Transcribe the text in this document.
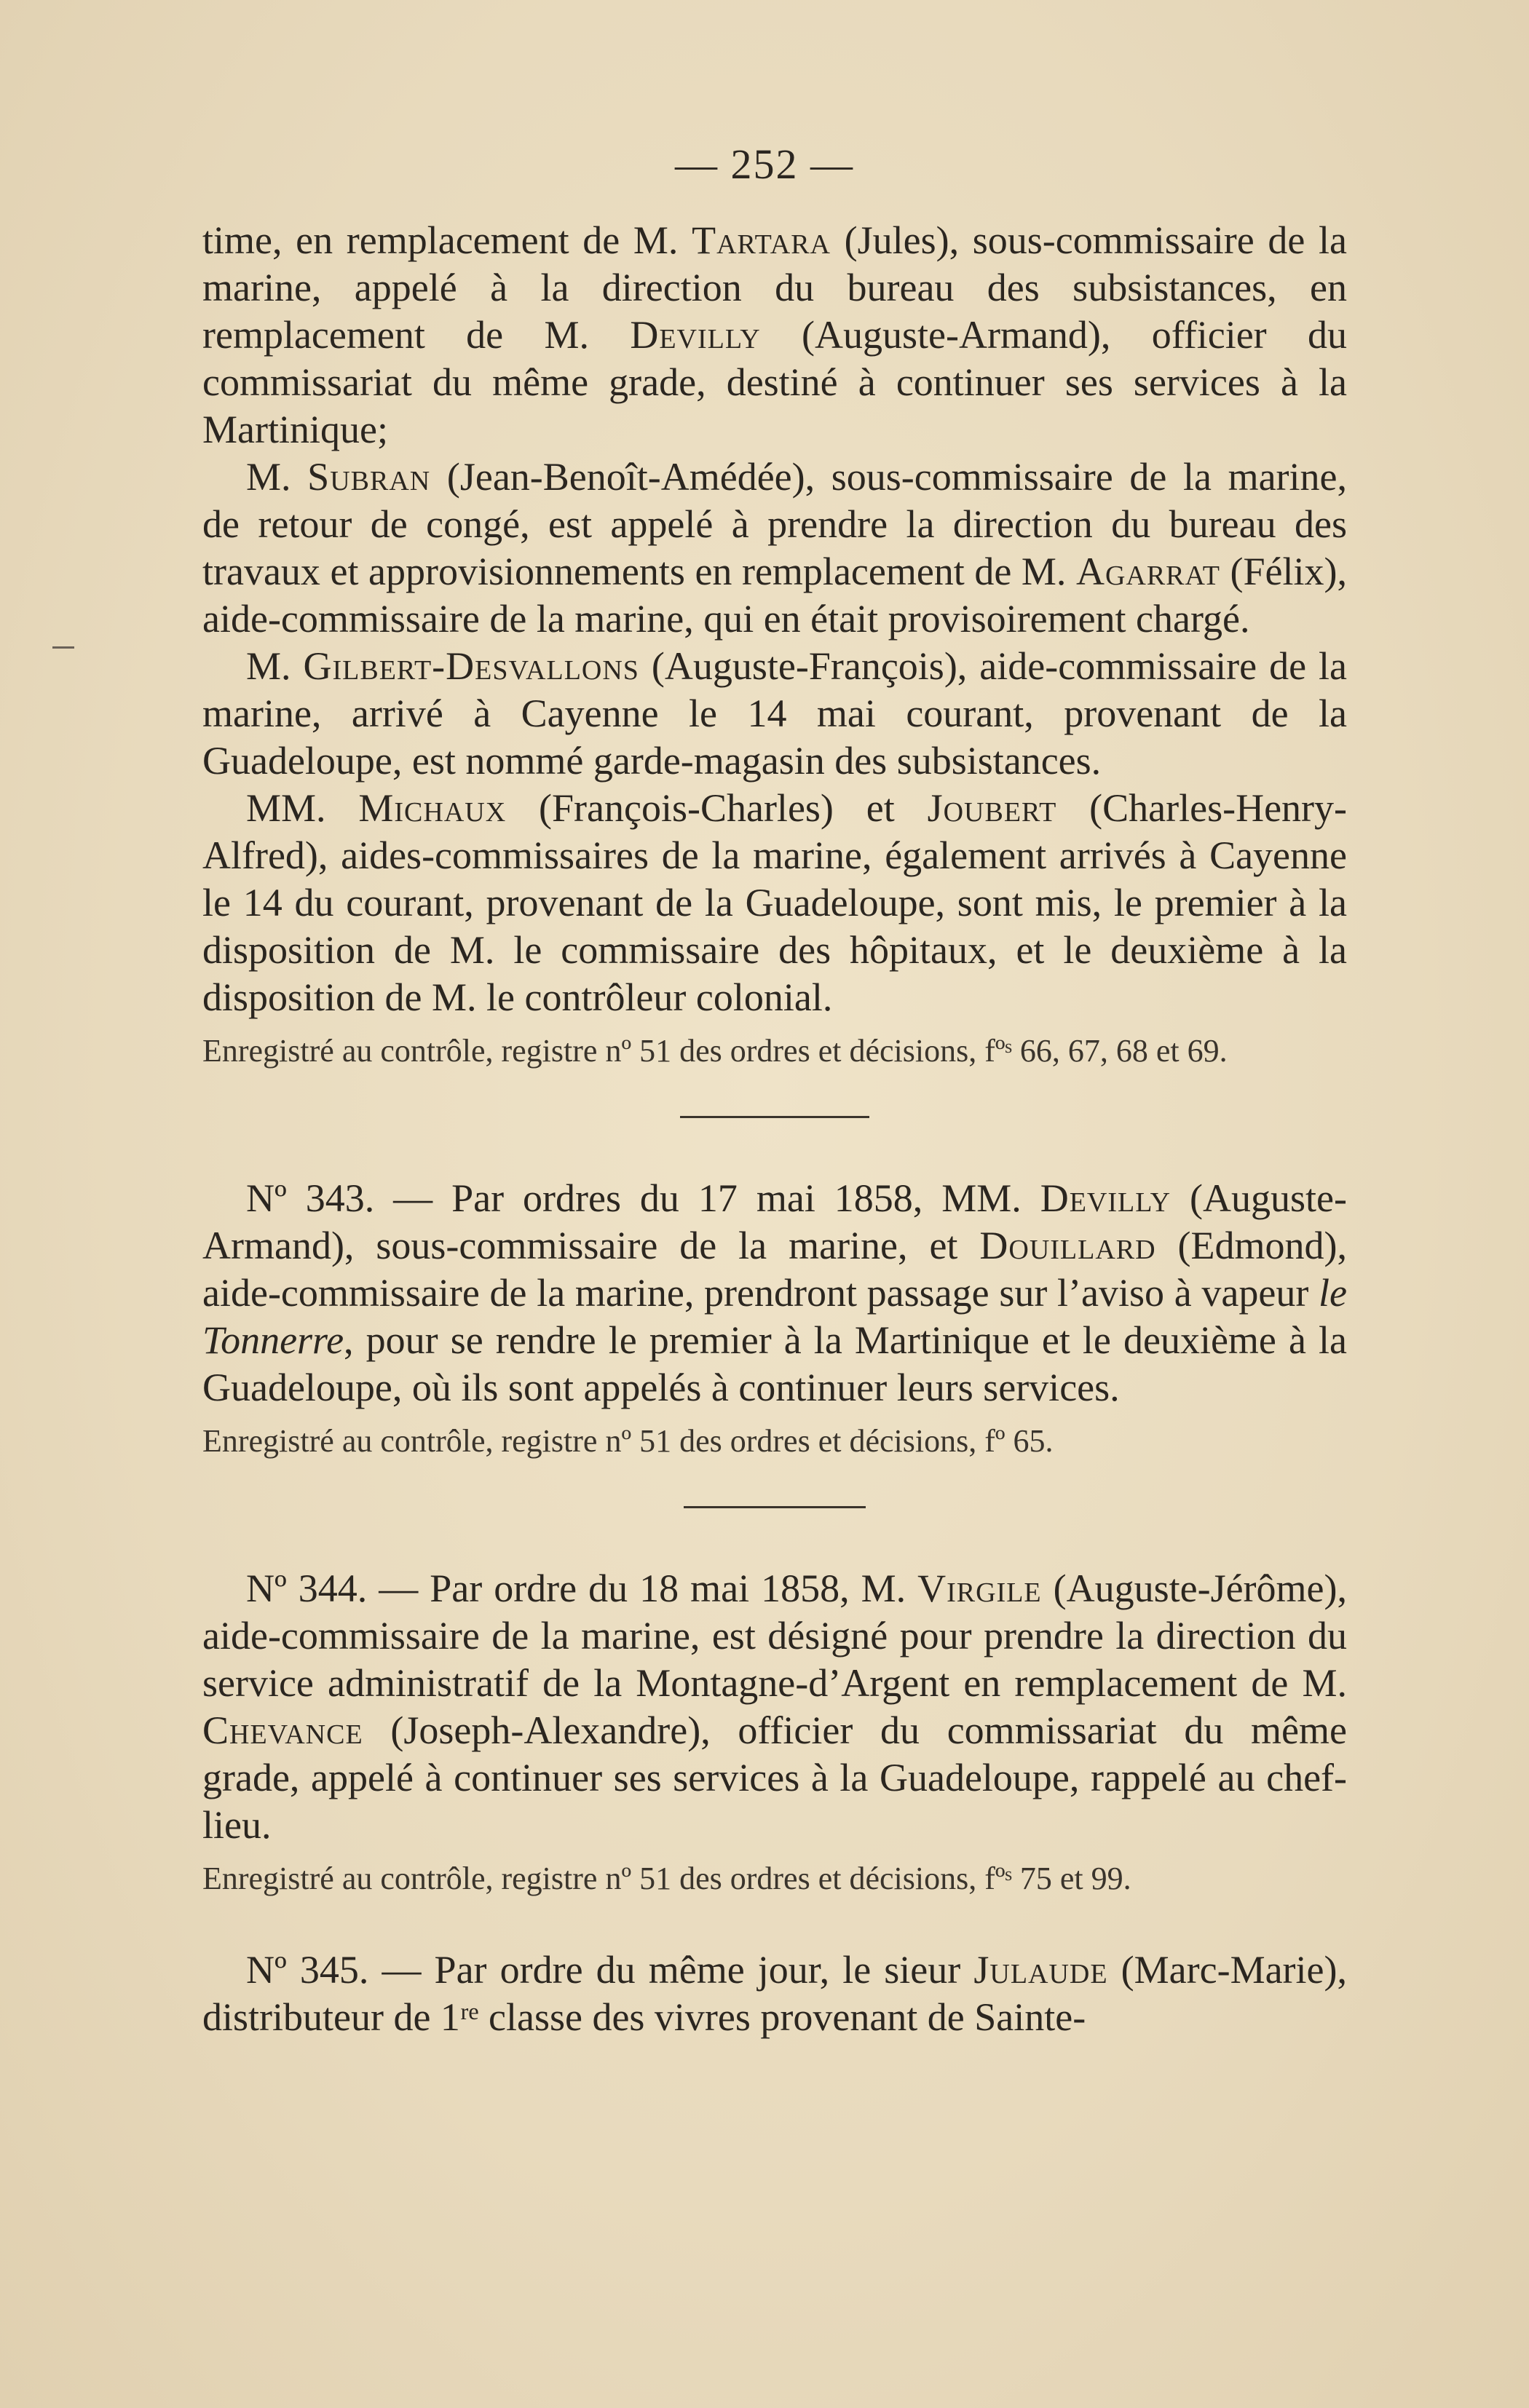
— 252 —

time, en remplacement de M. Tartara (Jules), sous-commissaire de la marine, appelé à la direction du bureau des subsistances, en remplacement de M. Devilly (Auguste-Armand), officier du commissariat du même grade, destiné à continuer ses services à la Martinique;

M. Subran (Jean-Benoît-Amédée), sous-commissaire de la marine, de retour de congé, est appelé à prendre la direction du bureau des travaux et approvisionnements en remplacement de M. Agarrat (Félix), aide-commissaire de la marine, qui en était provisoirement chargé.

M. Gilbert-Desvallons (Auguste-François), aide-commissaire de la marine, arrivé à Cayenne le 14 mai courant, provenant de la Guadeloupe, est nommé garde-magasin des subsistances.

MM. Michaux (François-Charles) et Joubert (Charles-Henry-Alfred), aides-commissaires de la marine, également arrivés à Cayenne le 14 du courant, provenant de la Guadeloupe, sont mis, le premier à la disposition de M. le commissaire des hôpitaux, et le deuxième à la disposition de M. le contrôleur colonial.

Enregistré au contrôle, registre nº 51 des ordres et décisions, fºˢ 66, 67, 68 et 69.

Nº 343. — Par ordres du 17 mai 1858, MM. Devilly (Auguste-Armand), sous-commissaire de la marine, et Douillard (Edmond), aide-commissaire de la marine, prendront passage sur l’aviso à vapeur le Tonnerre, pour se rendre le premier à la Martinique et le deuxième à la Guadeloupe, où ils sont appelés à continuer leurs services.

Enregistré au contrôle, registre nº 51 des ordres et décisions, fº 65.

Nº 344. — Par ordre du 18 mai 1858, M. Virgile (Auguste-Jérôme), aide-commissaire de la marine, est désigné pour prendre la direction du service administratif de la Montagne-d’Argent en remplacement de M. Chevance (Joseph-Alexandre), officier du commissariat du même grade, appelé à continuer ses services à la Guadeloupe, rappelé au chef-lieu.

Enregistré au contrôle, registre nº 51 des ordres et décisions, fºˢ 75 et 99.

Nº 345. — Par ordre du même jour, le sieur Julaude (Marc-Marie), distributeur de 1ʳᵉ classe des vivres provenant de Sainte-
